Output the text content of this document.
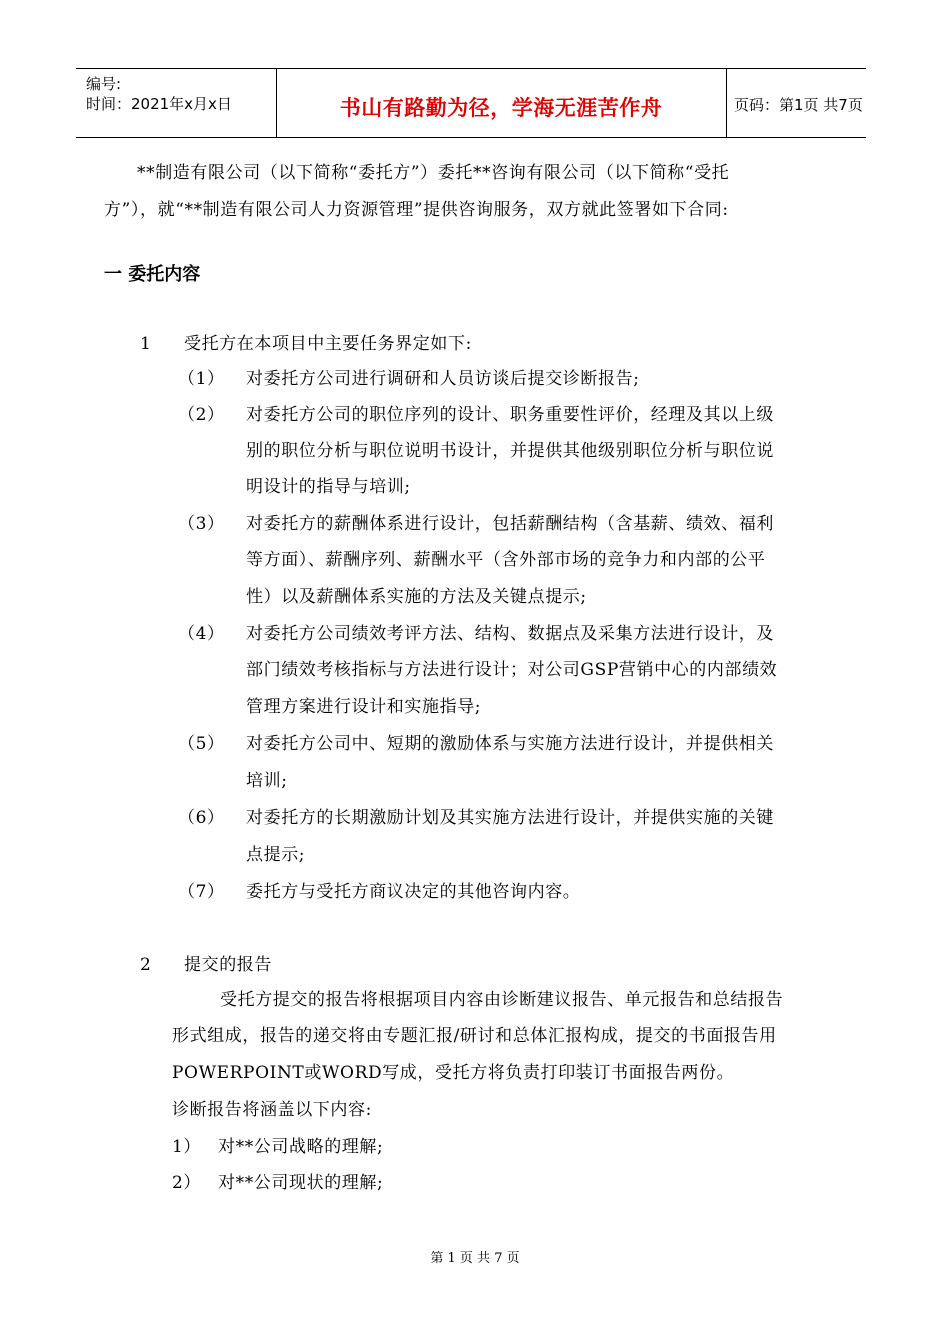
编号:
时间：2021年x月x日	书山有路勤为径，学海无涯苦作舟	页码：第1页 共7页
**制造有限公司（以下简称“委托方”）委托**咨询有限公司（以下简称“受托
方”），就“**制造有限公司人力资源管理”提供咨询服务，双方就此签署如下合同:
一 委托内容
1 受托方在本项目中主要任务界定如下:
（1） 对委托方公司进行调研和人员访谈后提交诊断报告;
（2） 对委托方公司的职位序列的设计、职务重要性评价，经理及其以上级
别的职位分析与职位说明书设计，并提供其他级别职位分析与职位说
明设计的指导与培训;
（3） 对委托方的薪酬体系进行设计，包括薪酬结构（含基薪、绩效、福利
等方面）、薪酬序列、薪酬水平（含外部市场的竞争力和内部的公平
性）以及薪酬体系实施的方法及关键点提示;
（4） 对委托方公司绩效考评方法、结构、数据点及采集方法进行设计，及
部门绩效考核指标与方法进行设计；对公司GSP营销中心的内部绩效
管理方案进行设计和实施指导;
（5） 对委托方公司中、短期的激励体系与实施方法进行设计，并提供相关
培训;
（6） 对委托方的长期激励计划及其实施方法进行设计，并提供实施的关键
点提示;
（7） 委托方与受托方商议决定的其他咨询内容。
2 提交的报告
受托方提交的报告将根据项目内容由诊断建议报告、单元报告和总结报告
形式组成，报告的递交将由专题汇报/研讨和总体汇报构成，提交的书面报告用
POWERPOINT或WORD写成，受托方将负责打印装订书面报告两份。
诊断报告将涵盖以下内容:
1） 对**公司战略的理解;
2） 对**公司现状的理解;
第 1 页 共 7 页
